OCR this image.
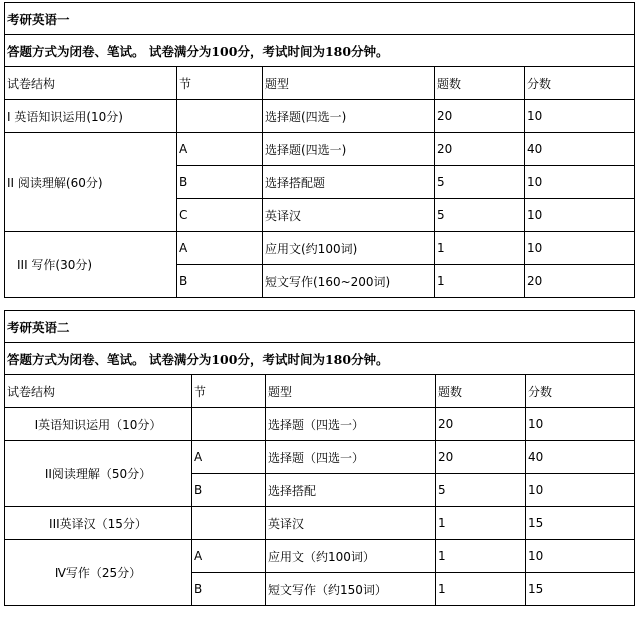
考研英语一				
答题方式为闭卷、笔试。 试卷满分为100分，考试时间为180分钟。				
试卷结构	节	题型	题数	分数
I 英语知识运用(10分)		选择题(四选一)	20	10
II 阅读理解(60分)	A	选择题(四选一)	20	40
	B	选择搭配题	5	10
	C	英译汉	5	10
III 写作(30分)	A	应用文(约100词)	1	10
	B	短文写作(160~200词)	1	20
考研英语二				
答题方式为闭卷、笔试。 试卷满分为100分，考试时间为180分钟。				
试卷结构	节	题型	题数	分数
I英语知识运用（10分）		选择题（四选一）	20	10
II阅读理解（50分）	A	选择题（四选一）	20	40
	B	选择搭配	5	10
III英译汉（15分）		英译汉	1	15
Ⅳ写作（25分）	A	应用文（约100词）	1	10
	B	短文写作（约150词）	1	15
